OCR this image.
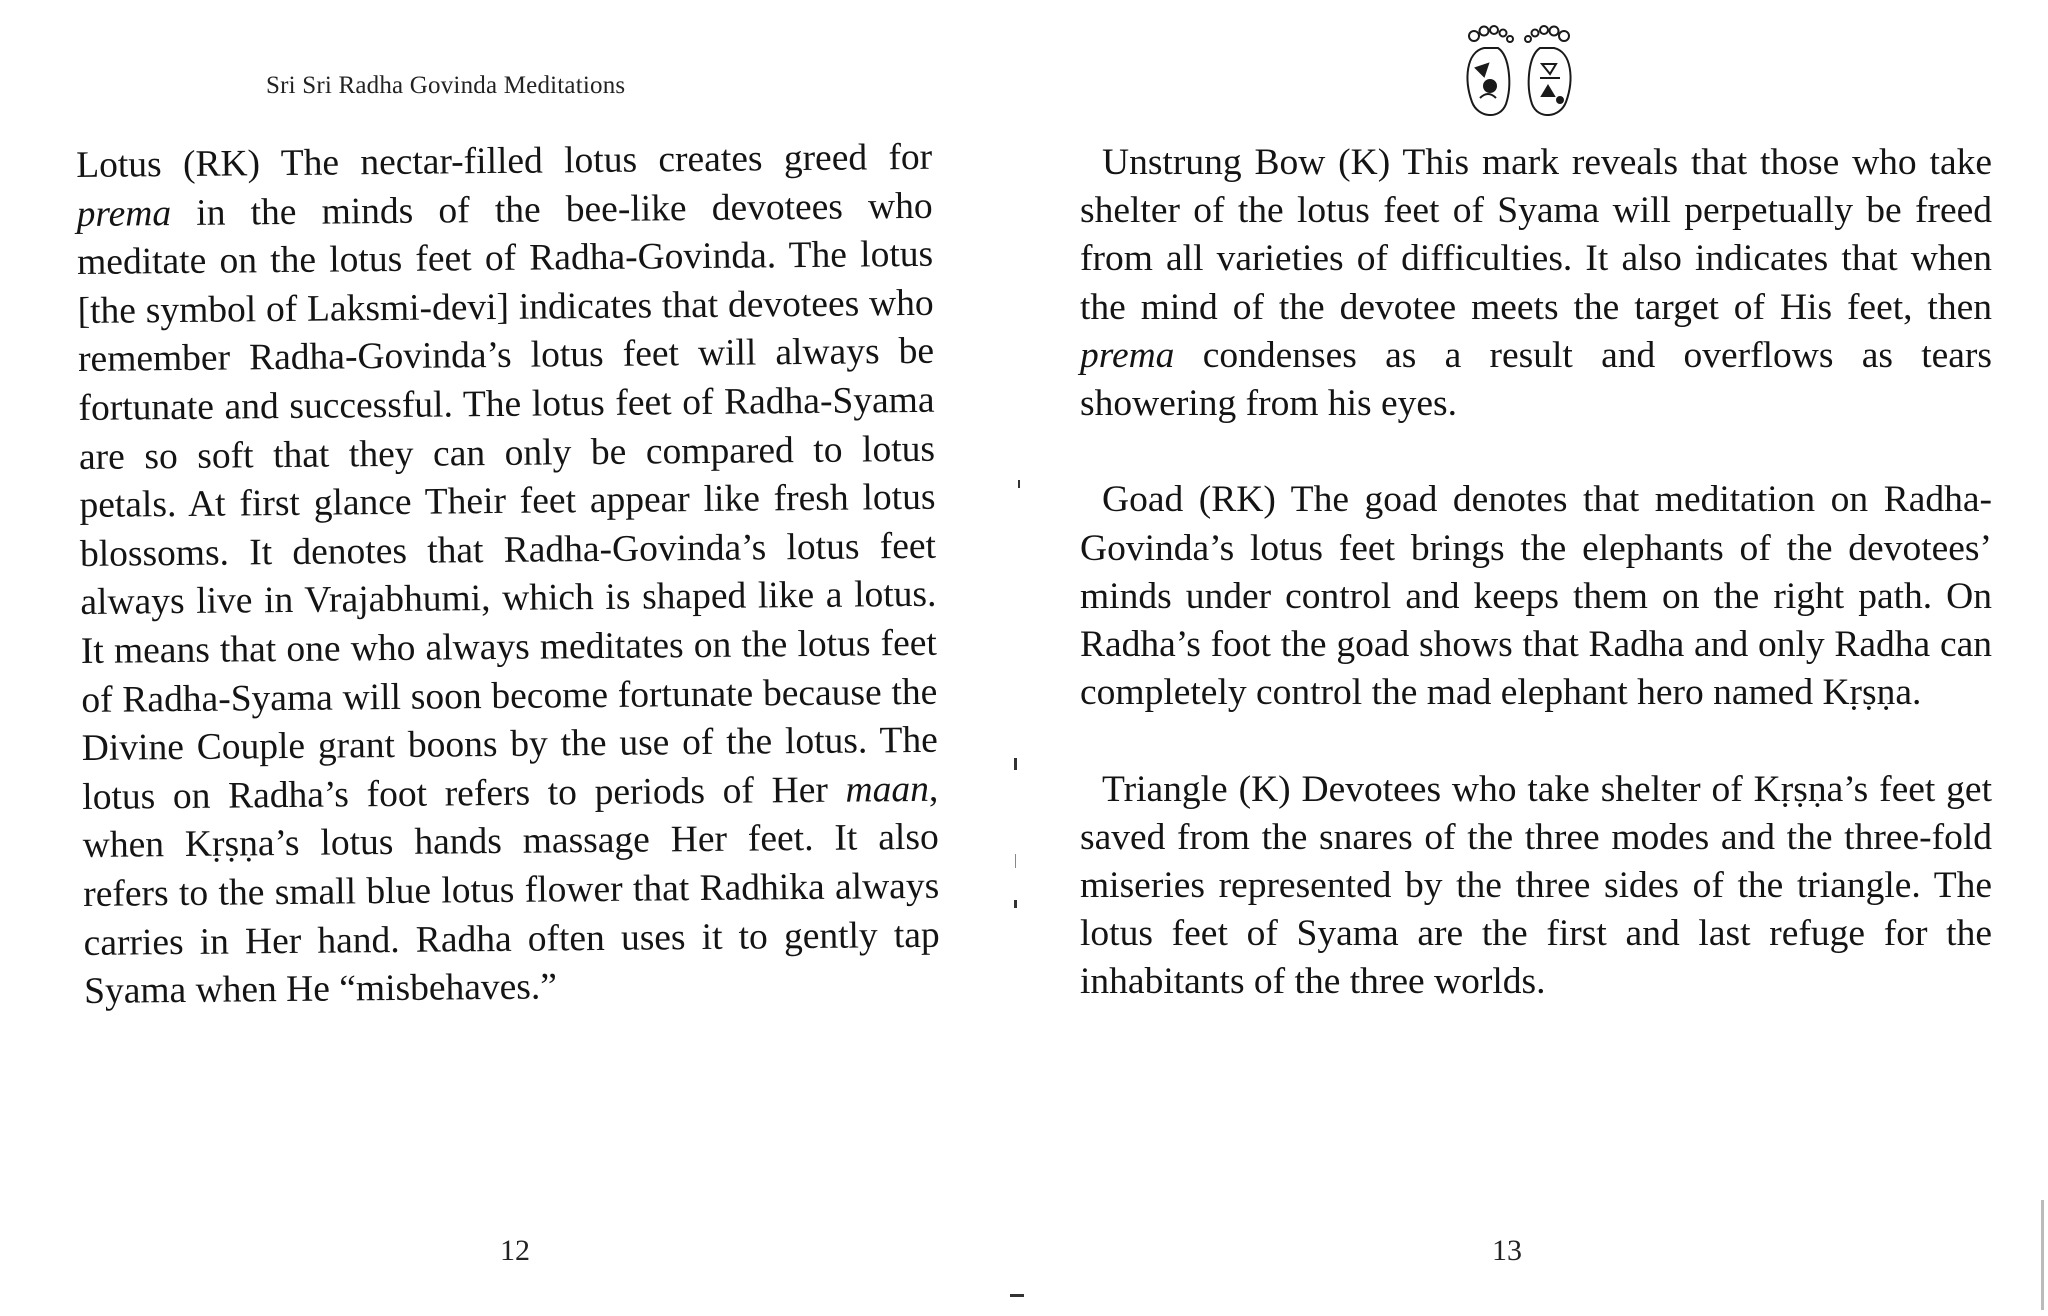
Sri Sri Radha Govinda Meditations

Lotus (RK) The nectar-filled lotus creates greed for prema in the minds of the bee-like devotees who meditate on the lotus feet of Radha-Govinda. The lotus [the symbol of Laksmi-devi] indicates that devotees who remember Radha-Govinda’s lotus feet will always be fortunate and successful. The lotus feet of Radha-Syama are so soft that they can only be compared to lotus petals. At first glance Their feet appear like fresh lotus blossoms. It denotes that Radha-Govinda’s lotus feet always live in Vrajabhumi, which is shaped like a lotus. It means that one who always meditates on the lotus feet of Radha-Syama will soon become fortunate because the Divine Couple grant boons by the use of the lotus. The lotus on Radha’s foot refers to periods of Her maan, when Kṛṣṇa’s lotus hands massage Her feet. It also refers to the small blue lotus flower that Radhika always carries in Her hand. Radha often uses it to gently tap Syama when He “misbehaves.”

12

Unstrung Bow (K) This mark reveals that those who take shelter of the lotus feet of Syama will perpetually be freed from all varieties of difficulties. It also indicates that when the mind of the devotee meets the target of His feet, then prema condenses as a result and overflows as tears showering from his eyes.

Goad (RK) The goad denotes that meditation on Radha-Govinda’s lotus feet brings the elephants of the devotees’ minds under control and keeps them on the right path. On Radha’s foot the goad shows that Radha and only Radha can completely control the mad elephant hero named Kṛṣṇa.

Triangle (K) Devotees who take shelter of Kṛṣṇa’s feet get saved from the snares of the three modes and the three-fold miseries represented by the three sides of the triangle. The lotus feet of Syama are the first and last refuge for the inhabitants of the three worlds.

13
